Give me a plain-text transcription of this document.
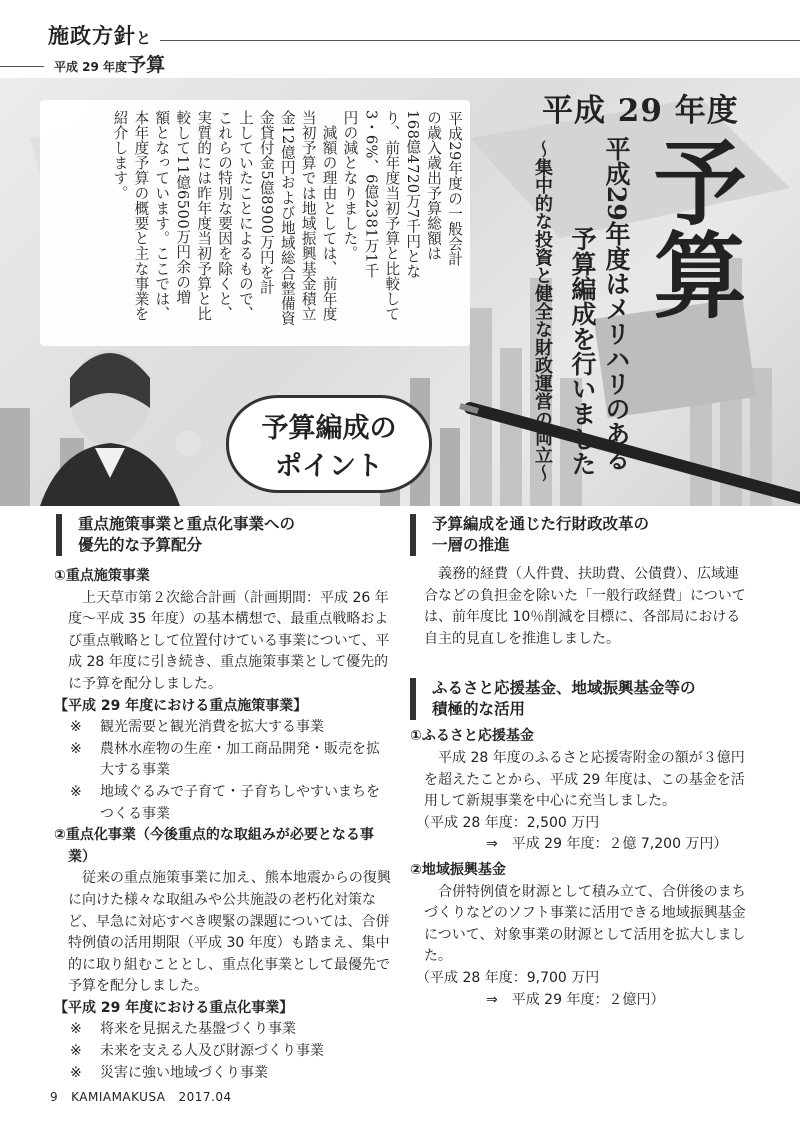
施政方針と
平成 29 年度予算
平成29年度の一般会計
の歳入歳出予算総額は
168億4720万7千円とな
り、前年度当初予算と比較して
3・6%、6億2381万1千
円の減となりました。
減額の理由としては、前年度
当初予算では地域振興基金積立
金12億円および地域総合整備資
金貸付金5億8900万円を計
上していたことによるもので、
これらの特別な要因を除くと、
実質的には昨年度当初予算と比
較して11億6500万円余の増
額となっています。ここでは、
本年度予算の概要と主な事業を
紹介します。	平成 29 年度
予算
平成29年度はメリハリのある
予算編成を行いました
～集中的な投資と健全な財政運営の両立～
予算編成の
ポイント
重点施策事業と重点化事業への
優先的な予算配分
①重点施策事業
上天草市第２次総合計画（計画期間：平成 26 年度～平成 35 年度）の基本構想で、最重点戦略および重点戦略として位置付けている事業について、平成 28 年度に引き続き、重点施策事業として優先的に予算を配分しました。
【平成 29 年度における重点施策事業】
※ 観光需要と観光消費を拡大する事業
※ 農林水産物の生産・加工商品開発・販売を拡大する事業
※ 地域ぐるみで子育て・子育ちしやすいまちをつくる事業
②重点化事業（今後重点的な取組みが必要となる事業）
従来の重点施策事業に加え、熊本地震からの復興に向けた様々な取組みや公共施設の老朽化対策など、早急に対応すべき喫緊の課題については、合併特例債の活用期限（平成 30 年度）も踏まえ、集中的に取り組むこととし、重点化事業として最優先で予算を配分しました。
【平成 29 年度における重点化事業】
※ 将来を見据えた基盤づくり事業
※ 未来を支える人及び財源づくり事業
※ 災害に強い地域づくり事業
予算編成を通じた行財政改革の
一層の推進
義務的経費（人件費、扶助費、公債費）、広域連合などの負担金を除いた「一般行政経費」については、前年度比 10％削減を目標に、各部局における自主的見直しを推進しました。
ふるさと応援基金、地域振興基金等の
積極的な活用
①ふるさと応援基金
平成 28 年度のふるさと応援寄附金の額が３億円を超えたことから、平成 29 年度は、この基金を活用して新規事業を中心に充当しました。
（平成 28 年度：2,500 万円
⇒　平成 29 年度：２億 7,200 万円）
②地域振興基金
合併特例債を財源として積み立て、合併後のまちづくりなどのソフト事業に活用できる地域振興基金について、対象事業の財源として活用を拡大しました。
（平成 28 年度：9,700 万円
⇒　平成 29 年度：２億円）
9 KAMIAMAKUSA 2017.04
